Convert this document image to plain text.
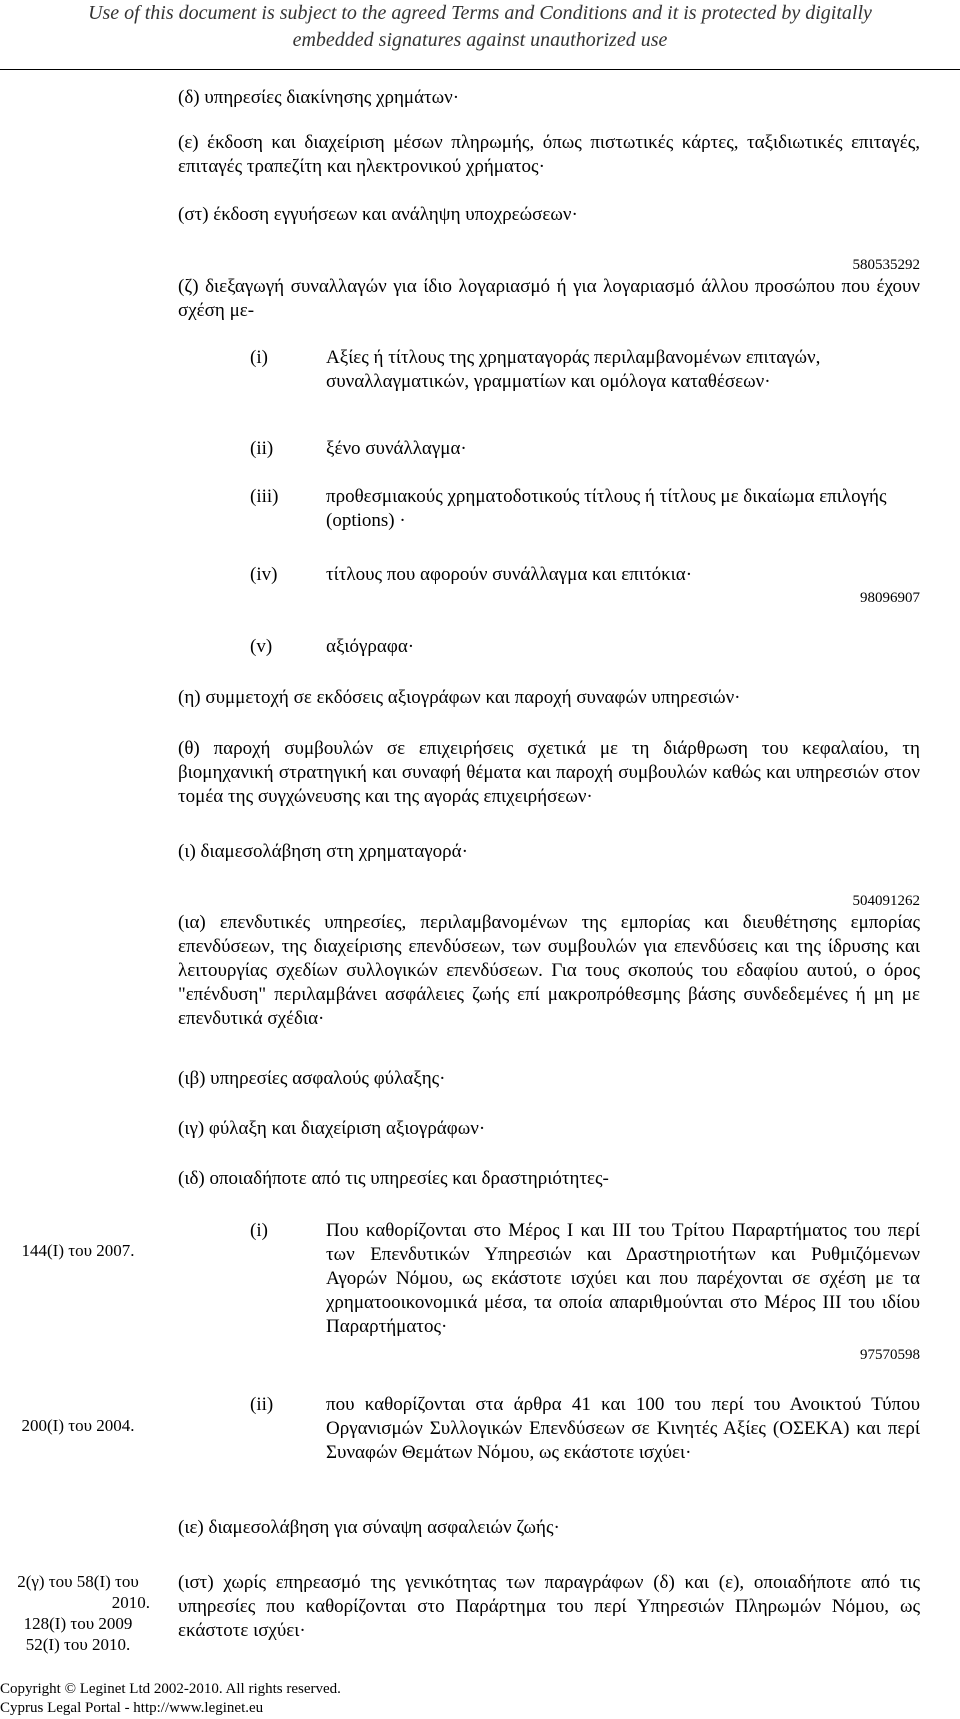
Use of this document is subject to the agreed Terms and Conditions and it is protected by digitally
embedded signatures against unauthorized use
(δ) υπηρεσίες διακίνησης χρημάτων·
(ε) έκδοση και διαχείριση μέσων πληρωμής, όπως πιστωτικές κάρτες, ταξιδιωτικές επιταγές, επιταγές τραπεζίτη και ηλεκτρονικού χρήματος·
(στ) έκδοση εγγυήσεων και ανάληψη υποχρεώσεων·
580535292
(ζ) διεξαγωγή συναλλαγών για ίδιο λογαριασμό ή για λογαριασμό άλλου προσώπου που έχουν σχέση με-
(i)	Αξίες ή τίτλους της χρηματαγοράς περιλαμβανομένων επιταγών, συναλλαγματικών, γραμματίων και ομόλογα καταθέσεων·
(ii)	ξένο συνάλλαγμα·
(iii)	προθεσμιακούς χρηματοδοτικούς τίτλους ή τίτλους με δικαίωμα επιλογής (options) ·
(iv)	τίτλους που αφορούν συνάλλαγμα και επιτόκια·
98096907
(v)	αξιόγραφα·
(η) συμμετοχή σε εκδόσεις αξιογράφων και παροχή συναφών υπηρεσιών·
(θ) παροχή συμβουλών σε επιχειρήσεις σχετικά με τη διάρθρωση του κεφαλαίου, τη βιομηχανική στρατηγική και συναφή θέματα και παροχή συμβουλών καθώς και υπηρεσιών στον τομέα της συγχώνευσης και της αγοράς επιχειρήσεων·
(ι) διαμεσολάβηση στη χρηματαγορά·
504091262
(ια) επενδυτικές υπηρεσίες, περιλαμβανομένων της εμπορίας και διευθέτησης εμπορίας επενδύσεων, της διαχείρισης επενδύσεων, των συμβουλών για επενδύσεις και της ίδρυσης και λειτουργίας σχεδίων συλλογικών επενδύσεων. Για τους σκοπούς του εδαφίου αυτού, ο όρος "επένδυση" περιλαμβάνει ασφάλειες ζωής επί μακροπρόθεσμης βάσης συνδεδεμένες ή μη με επενδυτικά σχέδια·
(ιβ) υπηρεσίες ασφαλούς φύλαξης·
(ιγ) φύλαξη και διαχείριση αξιογράφων·
(ιδ) οποιαδήποτε από τις υπηρεσίες και δραστηριότητες-
144(Ι) του 2007.
(i)	Που καθορίζονται στο Μέρος Ι και ΙΙΙ του Τρίτου Παραρτήματος του περί των Επενδυτικών Υπηρεσιών και Δραστηριοτήτων και Ρυθμιζόμενων Αγορών Νόμου, ως εκάστοτε ισχύει και που παρέχονται σε σχέση με τα χρηματοοικονομικά μέσα, τα οποία απαριθμούνται στο Μέρος ΙΙΙ του ιδίου Παραρτήματος·
97570598
200(Ι) του 2004.
(ii)	που καθορίζονται στα άρθρα 41 και 100 του περί του Ανοικτού Τύπου Οργανισμών Συλλογικών Επενδύσεων σε Κινητές Αξίες (ΟΣΕΚΑ) και περί Συναφών Θεμάτων Νόμου, ως εκάστοτε ισχύει·
(ιε) διαμεσολάβηση για σύναψη ασφαλειών ζωής·
2(γ) του 58(Ι) του
2010.
128(Ι) του 2009
52(Ι) του 2010.
(ιστ) χωρίς επηρεασμό της γενικότητας των παραγράφων (δ) και (ε), οποιαδήποτε από τις υπηρεσίες που καθορίζονται στο Παράρτημα του περί Υπηρεσιών Πληρωμών Νόμου, ως εκάστοτε ισχύει·
Copyright © Leginet Ltd 2002-2010. All rights reserved.
Cyprus Legal Portal - http://www.leginet.eu
